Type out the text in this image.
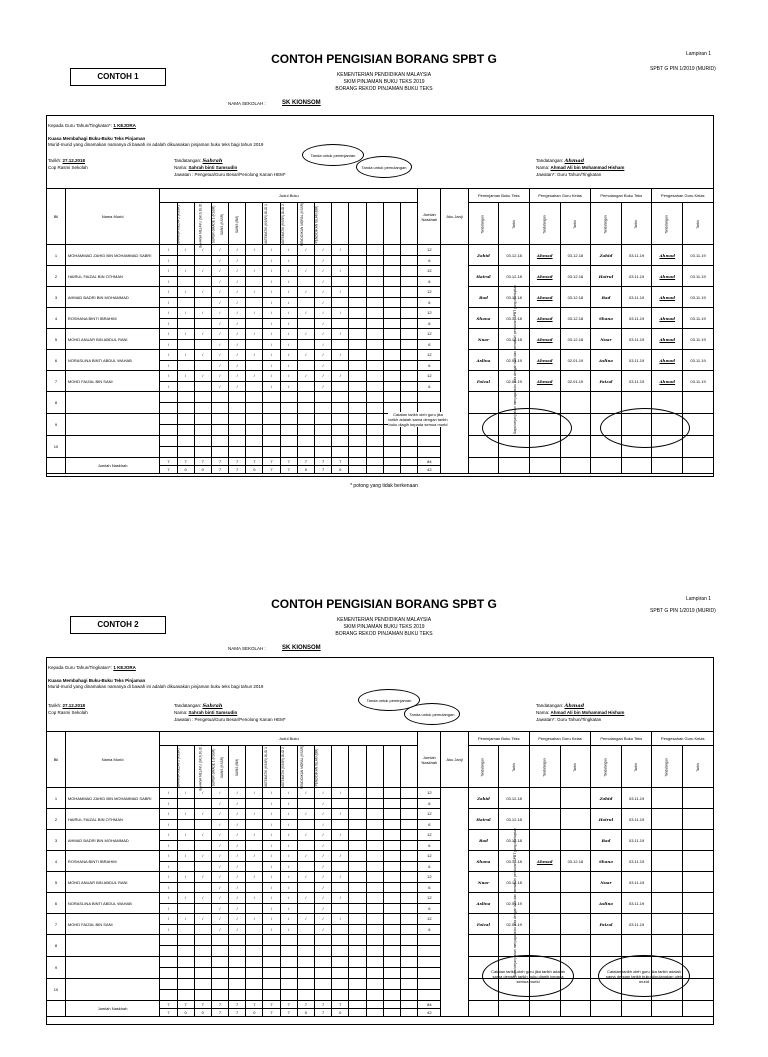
Lampiran 1
CONTOH PENGISIAN BORANG SPBT G
SPBT G PIN 1/2019 (MURID)
CONTOH 1	KEMENTERIAN PENDIDIKAN MALAYSIA
SKIM PINJAMAN BUKU TEKS 2019
BORANG REKOD PINJAMAN BUKU TEKS
NAMA SEKOLAH :	SK KIONSOM
Kepada Guru Tahun/Tingkatan*: 1 KEJORA
Kuasa Membahagi Buku-Buku Teks Pinjaman
Murid-murid yang dinamakan namanya di bawah ini adalah dikuasakan pinjaman buku teks bagi tahun 2019
Tarikh: 27.12.2018
Cop Rasmi Sekolah
Tandatangan: Sahrah
Nama: Sahrah binti Samsudin
Jawatan : Pengetua/Guru Besar/Penolong Kanan HEM*
Tandatangan: Ahmad
Nama: Ahmad Ali bin Mohammad Hisham
Jawatan*: Guru Tahun/Tingkatan
Tanda untuk peminjaman
Tanda untuk pemulangan
Bil	Nama Murid	Judul Buku															Jumlah Naskhah	Aku Janji	Peminjaman Buku Teks		Pengesahan Guru Kelas		Pemulangan Buku Teks		Pengesahan Guru Kelas	
		BAHASA MELAYU (KSSR)	BAHASA MELAYU (SKJ) JILID 1	SUPER GRADE 1 (KSSR)	SAINS (KSSR)	SAINS (BM)	MATEMATIK (KSSR) JILID 1	MATEMATIK (KSSR) JILID 2	PENDIDIKAN MORAL (KSSR)	PENDIDIKAN ISLAM (BM)									Tandatangan	Tarikh	Tandatangan	Tarikh	Tandatangan	Tarikh	Tandatangan	Tarikh
1	MOHAMMAD ZAHID BIN MOHAMMAD SABRI	/	/	/	/	/	/	/	/	/	/	/					12	Saya berjanji akan menjaga buku teks dengan baik dan mematuhi peraturan SPBT yang ditetapkan	Zahid	03.12.18	Ahmad	03.12.18	Zahid	03.11.19	Ahmad	03.11.19
		/			/	/		/	/		/						6									
2	HAIRUL FAIZAL BIN OTHMAN	/	/	/	/	/	/	/	/	/	/	/					12		Hairul	03.12.18	Ahmad	03.12.18	Hairul	03.11.19	Ahmad	03.11.19
		/			/	/		/	/		/						6									
3	AHMAD BADRI BIN MOHAMMAD	/	/	/	/	/	/	/	/	/	/	/					12		Bad	03.12.18	Ahmad	03.12.18	Bad	03.11.19	Ahmad	03.11.19
		/			/	/		/	/		/						6									
4	ROSHANA BINTI IBRAHIM	/	/	/	/	/	/	/	/	/	/	/					12		Shana	03.12.18	Ahmad	03.12.18	Shana	03.11.19	Ahmad	03.11.19
		/			/	/		/	/		/						6									
5	MOHD ANUAR BIN ABDUL RANI	/	/	/	/	/	/	/	/	/	/	/					12		Nuar	03.12.18	Ahmad	03.12.18	Nuar	03.11.19	Ahmad	03.11.19
		/			/	/		/	/		/						6									
6	NORASLINA BINTI ABDUL WAHAB	/	/	/	/	/	/	/	/	/	/	/					12		Aslina	02.01.19	Ahmad	02.01.19	Aslina	03.11.19	Ahmad	03.11.19
		/			/	/		/	/		/						6									
7	MOHD FAIZAL BIN SANI	/	/	/	/	/	/	/	/	/	/	/					12		Faizal	02.01.19	Ahmad	02.01.19	Faizal	03.11.19	Ahmad	03.11.19
		/			/	/		/	/		/						6									
8																										

9																										

10																										

	Jumlah Naskhah	7	7	7	7	7	7	7	7	7	7	7					84									
		7	0	0	7	7	0	7	7	0	7	0					42									
Catatan tarikh oleh guru jika tarikh adalah sama dengan tarikh buku diagih kepada semua murid
* potong yang tidak berkenaan
Lampiran 1
CONTOH PENGISIAN BORANG SPBT G	SPBT G PIN 1/2019 (MURID)
CONTOH 2	KEMENTERIAN PENDIDIKAN MALAYSIA
SKIM PINJAMAN BUKU TEKS 2019
BORANG REKOD PINJAMAN BUKU TEKS
NAMA SEKOLAH :	SK KIONSOM
Kepada Guru Tahun/Tingkatan*: 1 KEJORA
Kuasa Membahagi Buku-Buku Teks Pinjaman
Murid-murid yang dinamakan namanya di bawah ini adalah dikuasakan pinjaman buku teks bagi tahun 2019
Tarikh: 27.12.2018
Cop Rasmi Sekolah
Tandatangan: Sahrah
Nama: Sahrah binti Samsudin
Jawatan : Pengetua/Guru Besar/Penolong Kanan HEM*
Tandatangan: Ahmad
Nama: Ahmad Ali bin Mohammad Hisham
Jawatan*: Guru Tahun/Tingkatan
Tanda untuk peminjaman
Tanda untuk pemulangan
Bil	Nama Murid	Judul Buku															Jumlah Naskhah	Aku Janji	Peminjaman Buku Teks		Pengesahan Guru Kelas		Pemulangan Buku Teks		Pengesahan Guru Kelas	
		BAHASA MELAYU (KSSR)	BAHASA MELAYU (SKJ) JILID 1	SUPER GRADE 1 (KSSR)	SAINS (KSSR)	SAINS (BM)	MATEMATIK (KSSR) JILID 1	MATEMATIK (KSSR) JILID 2	PENDIDIKAN MORAL (KSSR)	PENDIDIKAN ISLAM (BM)									Tandatangan	Tarikh	Tandatangan	Tarikh	Tandatangan	Tarikh	Tandatangan	Tarikh
1	MOHAMMAD ZAHID BIN MOHAMMAD SABRI	/	/	/	/	/	/	/	/	/	/	/					12	Saya berjanji akan menjaga buku teks dengan baik dan mematuhi peraturan SPBT yang ditetapkan	Zahid	03.12.18			Zahid	03.11.19		
		/			/	/		/	/		/						6									
2	HAIRUL FAIZAL BIN OTHMAN	/	/	/	/	/	/	/	/	/	/	/					12		Hairul	03.12.18			Hairul	03.11.19		
		/			/	/		/	/		/						6									
3	AHMAD BADRI BIN MOHAMMAD	/	/	/	/	/	/	/	/	/	/	/					12		Bad	03.12.18			Bad	03.11.19		
		/			/	/		/	/		/						6									
4	ROSHANA BINTI IBRAHIM	/	/	/	/	/	/	/	/	/	/	/					12		Shana	03.12.18	Ahmad	03.12.18	Shana	03.11.19		
		/			/	/		/	/		/						6									
5	MOHD ANUAR BIN ABDUL RANI	/	/	/	/	/	/	/	/	/	/	/					12		Nuar	03.12.18			Nuar	03.11.19		
		/			/	/		/	/		/						6									
6	NORASLINA BINTI ABDUL WAHAB	/	/	/	/	/	/	/	/	/	/	/					12		Aslina	02.01.19			Aslina	03.11.19		
		/			/	/		/	/		/						6									
7	MOHD FAIZAL BIN SANI	/	/	/	/	/	/	/	/	/	/	/					12		Faizal	02.01.19			Faizal	03.11.19		
		/			/	/		/	/		/						6									
8																										

9																										

10																										

	Jumlah Naskhah	7	7	7	7	7	7	7	7	7	7	7					84									
		7	0	0	7	7	0	7	7	0	7	0					42									
Catatan tarikh oleh guru jika tarikh adalah sama dengan tarikh buku diagih kepada semua murid
Catatan tarikh oleh guru jika tarikh adalah sama dengan tarikh buku dipulangkan oleh murid
